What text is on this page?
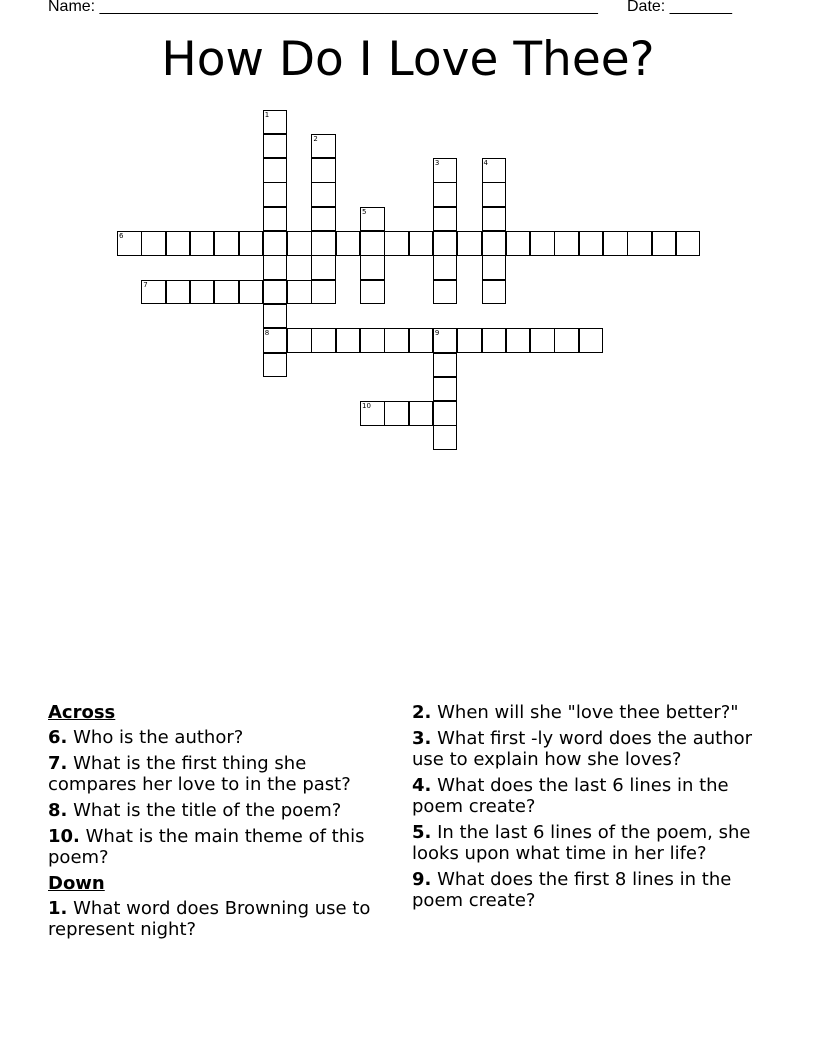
Name: ________________________________________________________ Date: _______
How Do I Love Thee?
1
8
2
3	4
5
6
7
9
10
Across
6. Who is the author?
7. What is the first thing she compares her love to in the past?
8. What is the title of the poem?
10. What is the main theme of this poem?
Down
1. What word does Browning use to represent night?
2. When will she "love thee better?"
3. What first -ly word does the author use to explain how she loves?
4. What does the last 6 lines in the poem create?
5. In the last 6 lines of the poem, she looks upon what time in her life?
9. What does the first 8 lines in the poem create?
